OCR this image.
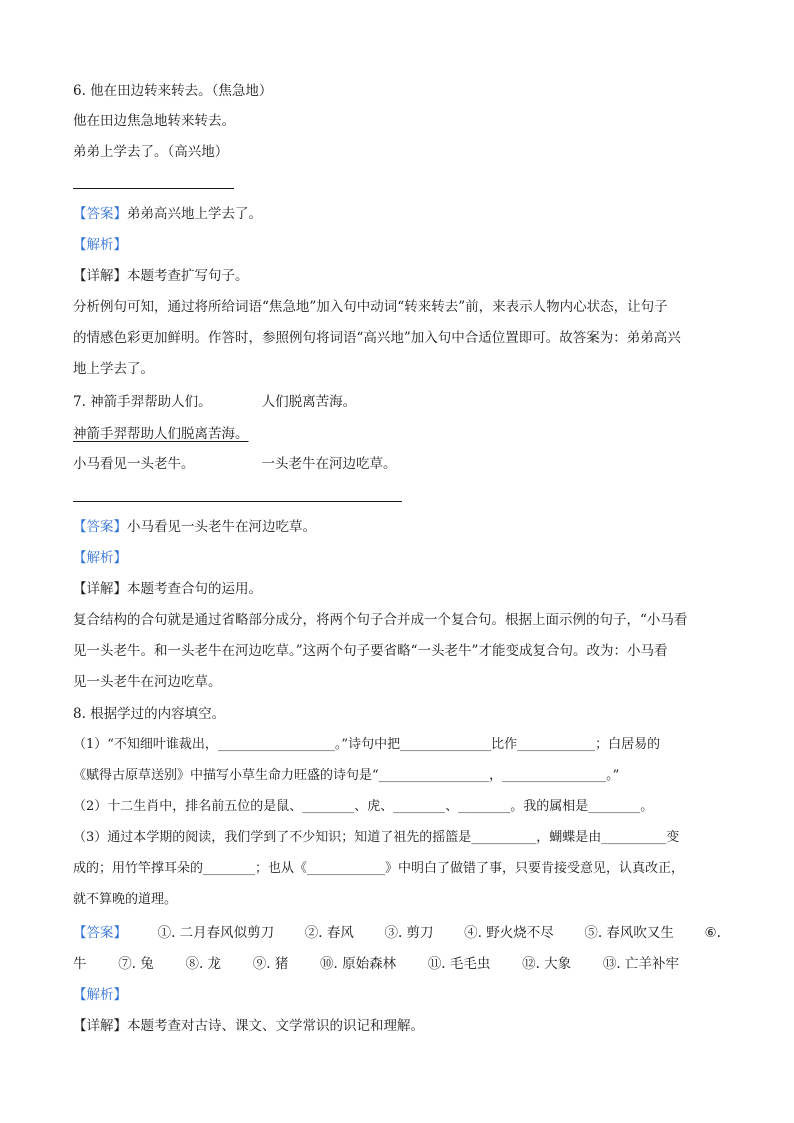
6. 他在田边转来转去。（焦急地）
他在田边焦急地转来转去。
弟弟上学去了。（高兴地）
【答案】弟弟高兴地上学去了。
【解析】
【详解】本题考查扩写句子。
分析例句可知，通过将所给词语“焦急地”加入句中动词“转来转去”前，来表示人物内心状态，让句子
的情感色彩更加鲜明。作答时，参照例句将词语“高兴地”加入句中合适位置即可。故答案为：弟弟高兴
地上学去了。
7. 神箭手羿帮助人们。	人们脱离苦海。
神箭手羿帮助人们脱离苦海。
小马看见一头老牛。	一头老牛在河边吃草。
【答案】小马看见一头老牛在河边吃草。
【解析】
【详解】本题考查合句的运用。
复合结构的合句就是通过省略部分成分，将两个句子合并成一个复合句。根据上面示例的句子，“小马看
见一头老牛。和一头老牛在河边吃草。”这两个句子要省略“一头老牛”才能变成复合句。改为：小马看
见一头老牛在河边吃草。
8. 根据学过的内容填空。
（1）“不知细叶谁裁出，__________________。”诗句中把______________比作____________；白居易的
《赋得古原草送别》中描写小草生命力旺盛的诗句是“_________________，________________。”
（2）十二生肖中，排名前五位的是鼠、________、虎、________、________。我的属相是________。
（3）通过本学期的阅读，我们学到了不少知识；知道了祖先的摇篮是__________，蝴蝶是由__________变
成的；用竹竿撑耳朵的________；也从《____________》中明白了做错了事，只要肯接受意见，认真改正，
就不算晚的道理。
【答案】 ①. 二月春风似剪刀 ②. 春风 ③. 剪刀 ④. 野火烧不尽 ⑤. 春风吹又生 ⑥.
牛 ⑦. 兔 ⑧. 龙 ⑨. 猪 ⑩. 原始森林 ⑪. 毛毛虫 ⑫. 大象 ⑬. 亡羊补牢
【解析】
【详解】本题考查对古诗、课文、文学常识的识记和理解。
